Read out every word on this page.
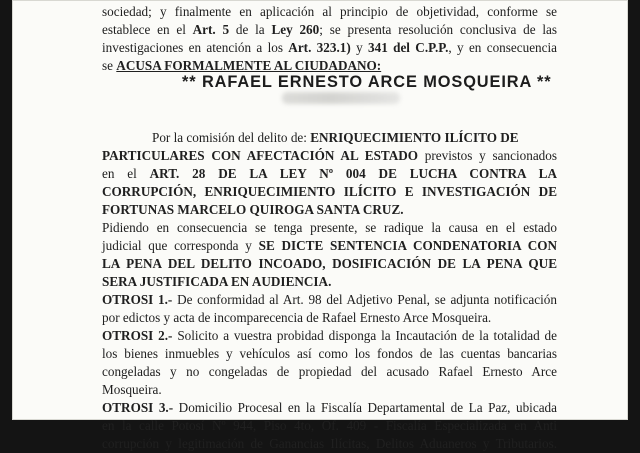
sociedad; y finalmente en aplicación al principio de objetividad, conforme se
establece en el Art. 5 de la Ley 260; se presenta resolución conclusiva de las
investigaciones en atención a los Art. 323.1) y 341 del C.P.P., y en consecuencia
se ACUSA FORMALMENTE AL CIUDADANO:
** RAFAEL ERNESTO ARCE MOSQUEIRA **
Por la comisión del delito de: ENRIQUECIMIENTO ILÍCITO DE
PARTICULARES CON AFECTACIÓN AL ESTADO previstos y sancionados
en el ART. 28 DE LA LEY Nº 004 DE LUCHA CONTRA LA
CORRUPCIÓN, ENRIQUECIMIENTO ILÍCITO E INVESTIGACIÓN DE
FORTUNAS MARCELO QUIROGA SANTA CRUZ.
Pidiendo en consecuencia se tenga presente, se radique la causa en el estado
judicial que corresponda y SE DICTE SENTENCIA CONDENATORIA CON
LA PENA DEL DELITO INCOADO, DOSIFICACIÓN DE LA PENA QUE
SERA JUSTIFICADA EN AUDIENCIA.
OTROSI 1.- De conformidad al Art. 98 del Adjetivo Penal, se adjunta notificación
por edictos y acta de incomparecencia de Rafael Ernesto Arce Mosqueira.
OTROSI 2.- Solicito a vuestra probidad disponga la Incautación de la totalidad de
los bienes inmuebles y vehículos así como los fondos de las cuentas bancarias
congeladas y no congeladas de propiedad del acusado Rafael Ernesto Arce
Mosqueira.
OTROSI 3.- Domicilio Procesal en la Fiscalía Departamental de La Paz, ubicada
en la calle Potosí Nº 944, Piso 4to, Of. 409 - Fiscalía Especializada en Anti
corrupción y legitimación de Ganancias Ilícitas, Delitos Aduaneros y Tributarios.
